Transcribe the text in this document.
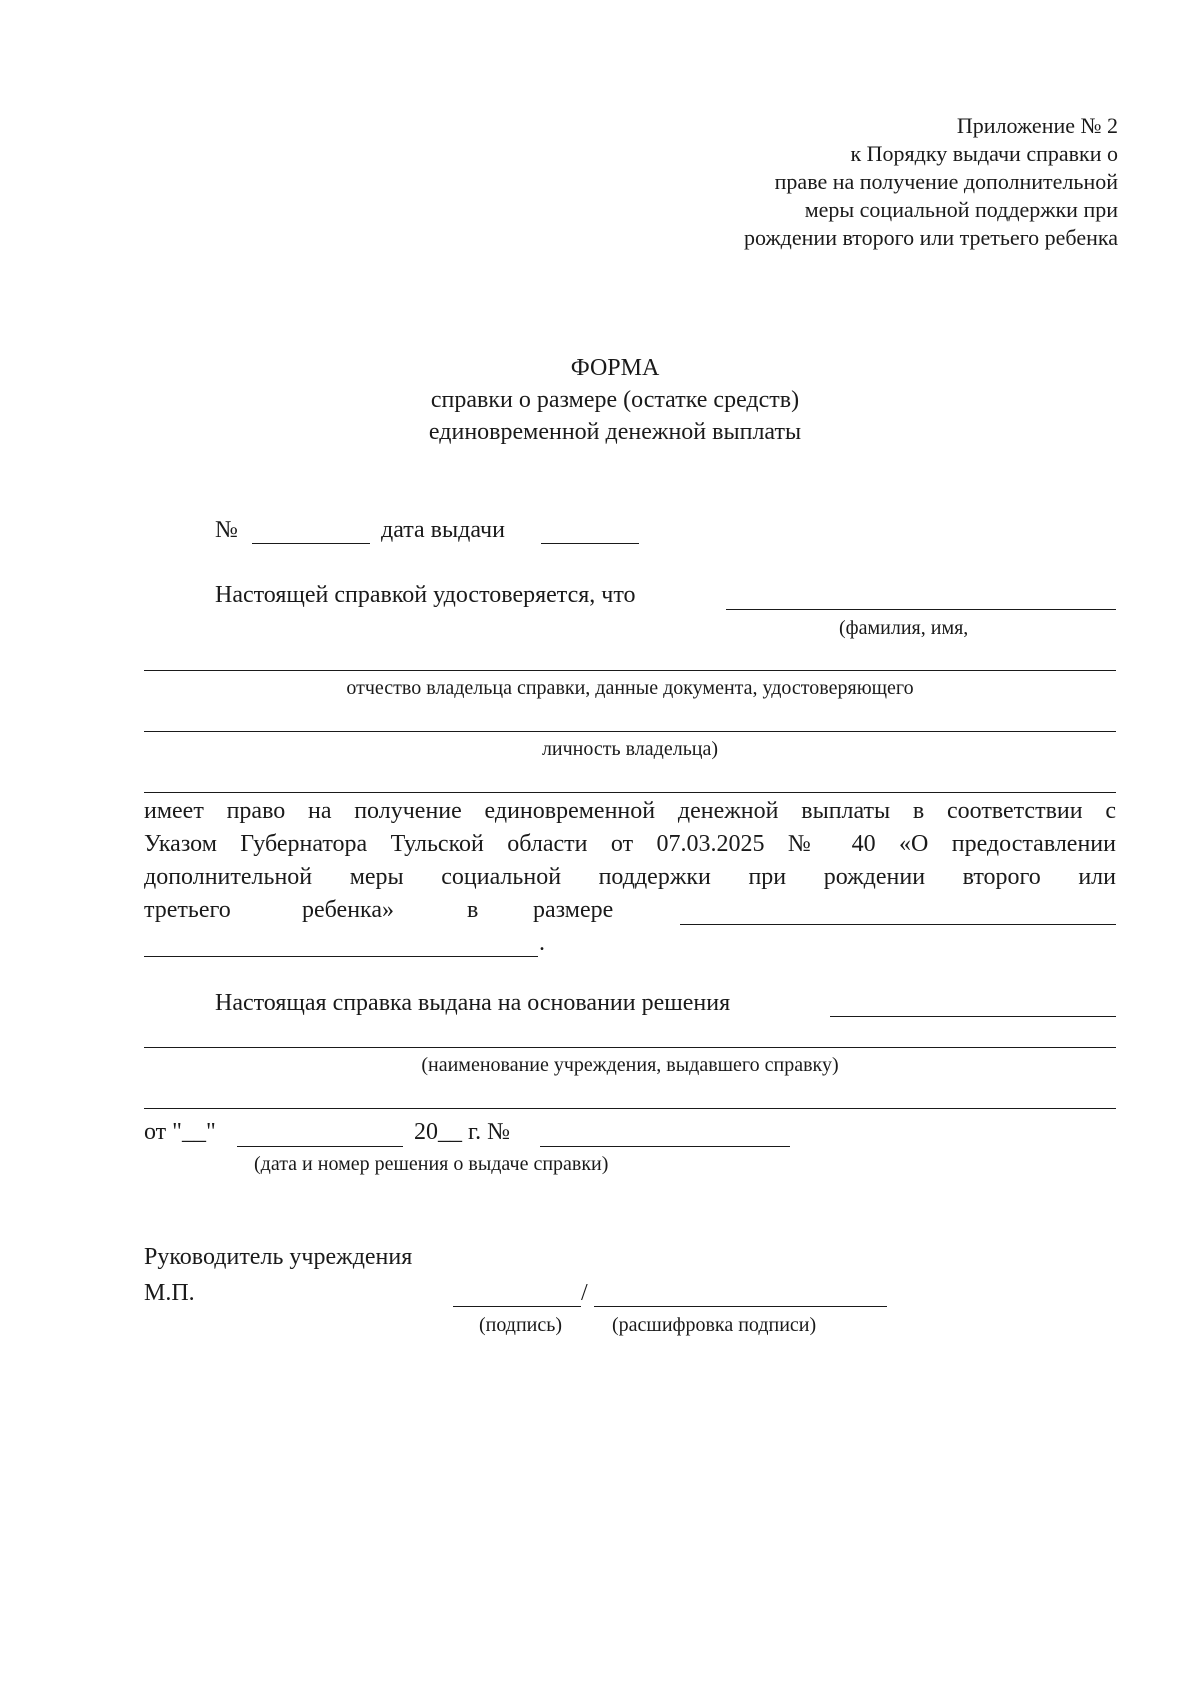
Приложение № 2
к Порядку выдачи справки о
праве на получение дополнительной
меры социальной поддержки при
рождении второго или третьего ребенка
ФОРМА
справки о размере (остатке средств)
единовременной денежной выплаты
№	дата выдачи
Настоящей справкой удостоверяется, что
(фамилия, имя,
отчество владельца справки, данные документа, удостоверяющего
личность владельца)
имеет право на получение единовременной денежной выплаты в соответствии с
Указом Губернатора Тульской области от 07.03.2025 № 40 «О предоставлении
дополнительной меры социальной поддержки при рождении второго или
третьего	ребенка»	в размере
.
Настоящая справка выдана на основании решения
(наименование учреждения, выдавшего справку)
от "__"	20__ г. №
(дата и номер решения о выдаче справки)
Руководитель учреждения
М.П.	/
(подпись) (расшифровка подписи)
